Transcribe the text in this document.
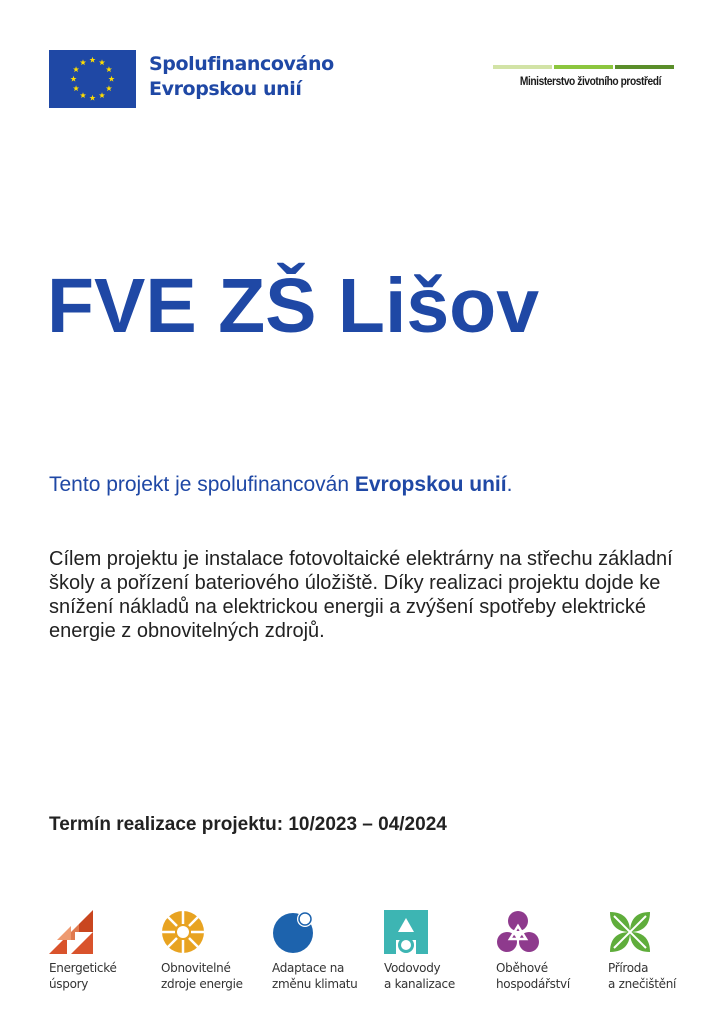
Spolufinancováno
Evropskou unií	Ministerstvo životního prostředí
FVE ZŠ Lišov
Tento projekt je spolufinancován Evropskou unií.
Cílem projektu je instalace fotovoltaické elektrárny na střechu základní školy a pořízení bateriového úložiště. Díky realizaci projektu dojde ke snížení nákladů na elektrickou energii a zvýšení spotřeby elektrické energie z obnovitelných zdrojů.
Termín realizace projektu: 10/2023 – 04/2024
Energetické
úspory
Obnovitelné
zdroje energie
Adaptace na
změnu klimatu
Vodovody
a kanalizace
Oběhové
hospodářství
Příroda
a znečištění
